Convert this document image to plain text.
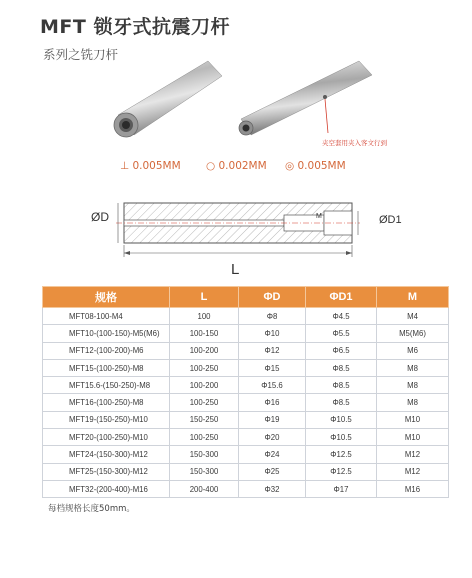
MFT 锁牙式抗震刀杆
系列之铣刀杆
夹空套用夹入客文行到
⊥ 0.005MM ○ 0.002MM ◎ 0.005MM
ØD	ØD1
M
L
规格	L	ΦD	ΦD1	M
MFT08-100-M4	100	Φ8	Φ4.5	M4
MFT10-(100-150)-M5(M6)	100-150	Φ10	Φ5.5	M5(M6)
MFT12-(100-200)-M6	100-200	Φ12	Φ6.5	M6
MFT15-(100-250)-M8	100-250	Φ15	Φ8.5	M8
MFT15.6-(150-250)-M8	100-200	Φ15.6	Φ8.5	M8
MFT16-(100-250)-M8	100-250	Φ16	Φ8.5	M8
MFT19-(150-250)-M10	150-250	Φ19	Φ10.5	M10
MFT20-(100-250)-M10	100-250	Φ20	Φ10.5	M10
MFT24-(150-300)-M12	150-300	Φ24	Φ12.5	M12
MFT25-(150-300)-M12	150-300	Φ25	Φ12.5	M12
MFT32-(200-400)-M16	200-400	Φ32	Φ17	M16
每档规格长度50mm。
